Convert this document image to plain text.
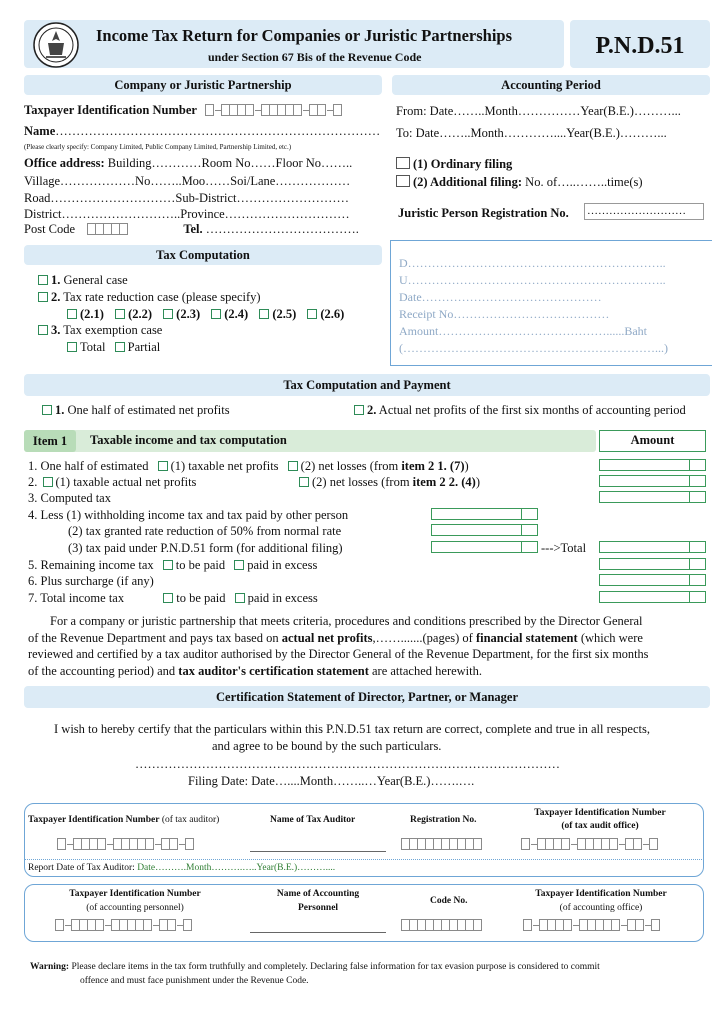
Income Tax Return for Companies or Juristic Partnerships
under Section 67 Bis of the Revenue Code	P.N.D.51
Company or Juristic Partnership
Taxpayer Identification Number
Name……………………………………………………………………
(Please clearly specify: Company Limited, Public Company Limited, Partnership Limited, etc.)
Office address: Building…………Room No……Floor No……..
Village………………No……..Moo……Soi/Lane………………
Road…………………………Sub-District………………………
District………………………..Province…………………………
Post Code	Tel. ……………………………….
Accounting Period
From: Date……..Month……………Year(B.E.)………...
To: Date……..Month…………....Year(B.E.)………...
(1) Ordinary filing
(2) Additional filing: No. of…..……..time(s)
Juristic Person Registration No. ………………………
D………………………………………………………..
U………………………………………………………..
Date………………………………………
Receipt No…………………………………
Amount……………………………………......Baht
(………………………………………………………...)
Tax Computation
1. General case
2. Tax rate reduction case (please specify)
(2.1) (2.2) (2.3) (2.4) (2.5) (2.6)
3. Tax exemption case
Total Partial
Tax Computation and Payment
1. One half of estimated net profits	2. Actual net profits of the first six months of accounting period
Item 1	Taxable income and tax computation	Amount
1. One half of estimated (1) taxable net profits (2) net losses (from item 2 1. (7))
2. (1) taxable actual net profits	(2) net losses (from item 2 2. (4))
3. Computed tax
4. Less (1) withholding income tax and tax paid by other person
(2) tax granted rate reduction of 50% from normal rate
(3) tax paid under P.N.D.51 form (for additional filing)	--->Total
5. Remaining income tax to be paid paid in excess
6. Plus surcharge (if any)
7. Total income tax	to be paid paid in excess
For a company or juristic partnership that meets criteria, procedures and conditions prescribed by the Director General
of the Revenue Department and pays tax based on actual net profits,…….......(pages) of financial statement (which were
reviewed and certified by a tax auditor authorised by the Director General of the Revenue Department, for the first six months
of the accounting period) and tax auditor's certification statement are attached herewith.
Certification Statement of Director, Partner, or Manager
I wish to hereby certify that the particulars within this P.N.D.51 tax return are correct, complete and true in all respects,
and agree to be bound by the such particulars.
…………………………………………………………………………………………
Filing Date: Date…....Month……..…Year(B.E.)…….….
Taxpayer Identification Number (of tax auditor)	Name of Tax Auditor	Registration No.
Taxpayer Identification Number
(of tax audit office)
Report Date of Tax Auditor: Date……….Month……….…..Year(B.E.)………....
Taxpayer Identification Number
(of accounting personnel)
Name of Accounting
Personnel
Code No.
Taxpayer Identification Number
(of accounting office)
Warning: Please declare items in the tax form truthfully and completely. Declaring false information for tax evasion purpose is considered to commit
offence and must face punishment under the Revenue Code.
